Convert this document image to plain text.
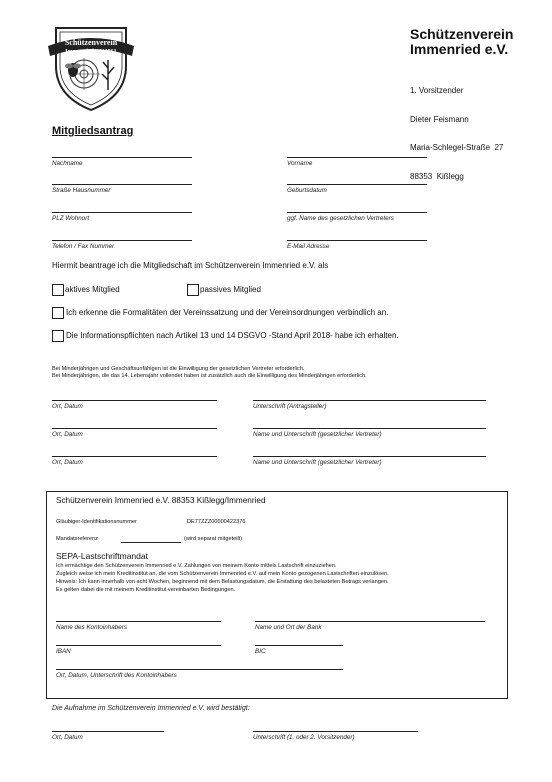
Schützenverein
Immenried e.V.1961
Schützenverein
Immenried e.V.

1. Vorsitzender

Dieter Feismann

Maria-Schlegel-Straße  27

88353  Kißlegg

Mitgliedsantrag
Nachname	Vorname
Straße Hausnummer	Geburtsdatum
PLZ Wohnort	ggf. Name des gesetzlichen Vertreters
Telefon / Fax Nummer	E-Mail Adresse
Hiermit beantrage ich die Mitgliedschaft im Schützenverein Immenried e.V. als
aktives Mitglied	passives Mitglied
Ich erkenne die Formalitäten der Vereinssatzung und der Vereinsordnungen verbindlich an.
Die Informationspflichten nach Artikel 13 und 14 DSGVO -Stand April 2018- habe ich erhalten.
Bei Minderjährigen und Geschäftsunfähigen ist die Einwilligung der gesetzlichen Vertreter erforderlich.
Bei Minderjährigen, die das 14. Lebensjahr vollendet haben ist zusätzlich auch die Einwilligung des Minderjährigen erforderlich.
Ort, Datum	Unterschrift (Antragsteller)
Ort, Datum	Name und Unterschrift (gesetzlicher Vertreter)
Ort, Datum	Name und Unterschrift (gesetzlicher Vertreter)
Schützenverein Immenried e.V. 88353 Kißlegg/Immenried
Gläubiger-Identifikationsnummer	DE77ZZZ00000422376
Mandatsreferenz	(wird separat mitgeteilt)
SEPA-Lastschriftmandat
Ich ermächtige den Schützenverein Immenried e.V. Zahlungen von meinem Konto mittels Lastschrift einzuziehen.
Zugleich weise ich mein Kreditinstitut an, die vom Schützenverein Immenried e.V. auf mein Konto gezogenen Lastschriften einzulösen.
Hinweis: Ich kann innerhalb von acht Wochen, beginnend mit dem Belastungsdatum, die Erstattung des belasteten Betrags verlangen.
Es gelten dabei die mit meinem Kreditinstitut vereinbarten Bedingungen.
Name des Kontoinhabers	Name und Ort der Bank
IBAN	BIC
Ort, Datum, Unterschrift des Kontoinhabers
Die Aufnahme im Schützenverein Immenried e.V. wird bestätigt:
Ort, Datum	Unterschrift (1. oder 2. Vorsitzender)
